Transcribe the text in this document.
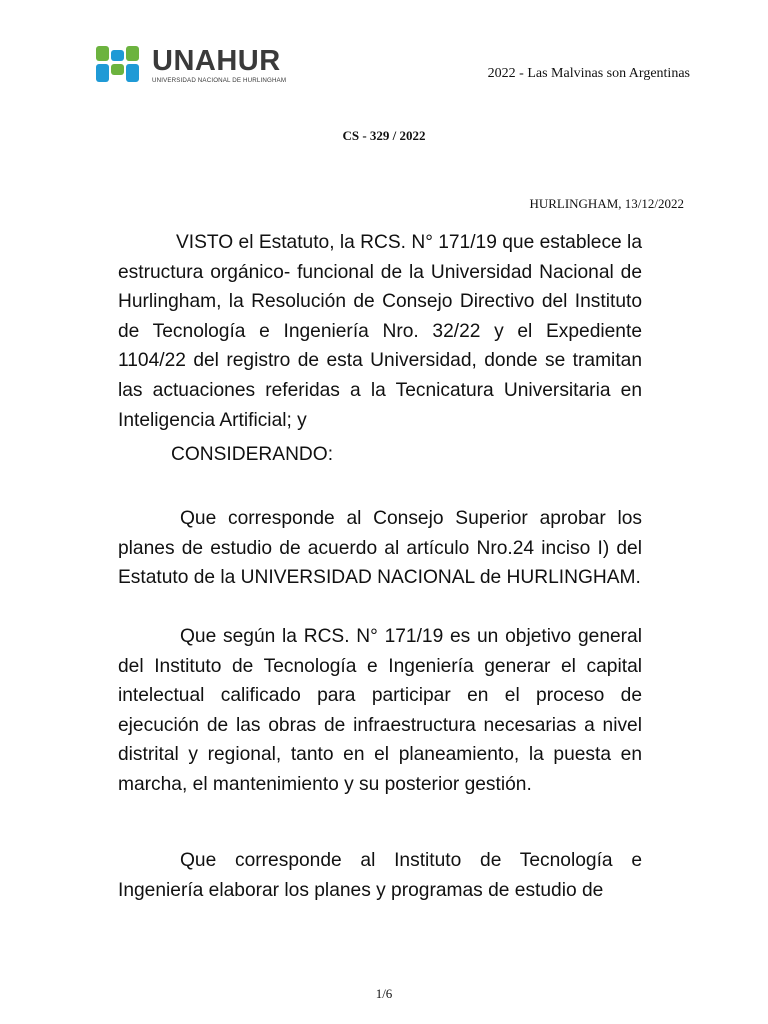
UNAHUR
UNIVERSIDAD NACIONAL DE HURLINGHAM	2022 - Las Malvinas son Argentinas
CS - 329 / 2022
HURLINGHAM, 13/12/2022

VISTO el Estatuto, la RCS. N° 171/19 que establece la estructura orgánico- funcional de la Universidad Nacional de Hurlingham, la Resolución de Consejo Directivo del Instituto de Tecnología e Ingeniería Nro. 32/22 y el Expediente 1104/22 del registro de esta Universidad, donde se tramitan las actuaciones referidas a la Tecnicatura Universitaria en Inteligencia Artificial; y

CONSIDERANDO:

Que corresponde al Consejo Superior aprobar los planes de estudio de acuerdo al artículo Nro.24 inciso I) del Estatuto de la UNIVERSIDAD NACIONAL de HURLINGHAM.

Que según la RCS. N° 171/19 es un objetivo general del Instituto de Tecnología e Ingeniería generar el capital intelectual calificado para participar en el proceso de ejecución de las obras de infraestructura necesarias a nivel distrital y regional, tanto en el planeamiento, la puesta en marcha, el mantenimiento y su posterior gestión.

Que corresponde al Instituto de Tecnología e Ingeniería elaborar los planes y programas de estudio de

1/6
